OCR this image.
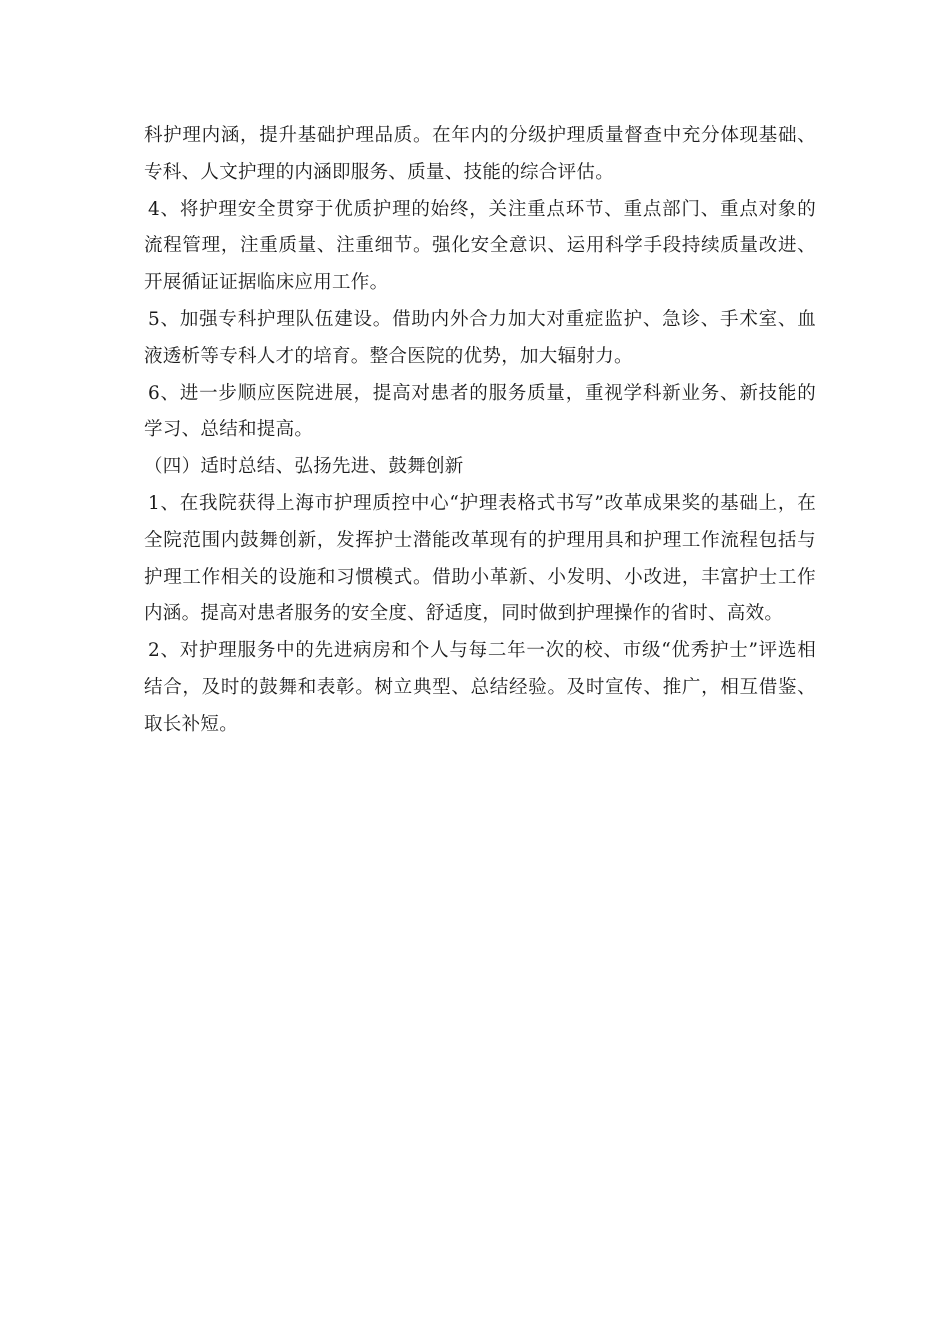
科护理内涵，提升基础护理品质。在年内的分级护理质量督查中充分体现基础、专科、人文护理的内涵即服务、质量、技能的综合评估。

4、将护理安全贯穿于优质护理的始终，关注重点环节、重点部门、重点对象的流程管理，注重质量、注重细节。强化安全意识、运用科学手段持续质量改进、开展循证证据临床应用工作。

5、加强专科护理队伍建设。借助内外合力加大对重症监护、急诊、手术室、血液透析等专科人才的培育。整合医院的优势，加大辐射力。

6、进一步顺应医院进展，提高对患者的服务质量，重视学科新业务、新技能的学习、总结和提高。

（四）适时总结、弘扬先进、鼓舞创新

1、在我院获得上海市护理质控中心“护理表格式书写”改革成果奖的基础上，在全院范围内鼓舞创新，发挥护士潜能改革现有的护理用具和护理工作流程包括与护理工作相关的设施和习惯模式。借助小革新、小发明、小改进，丰富护士工作内涵。提高对患者服务的安全度、舒适度，同时做到护理操作的省时、高效。

2、对护理服务中的先进病房和个人与每二年一次的校、市级“优秀护士”评选相结合，及时的鼓舞和表彰。树立典型、总结经验。及时宣传、推广，相互借鉴、取长补短。
